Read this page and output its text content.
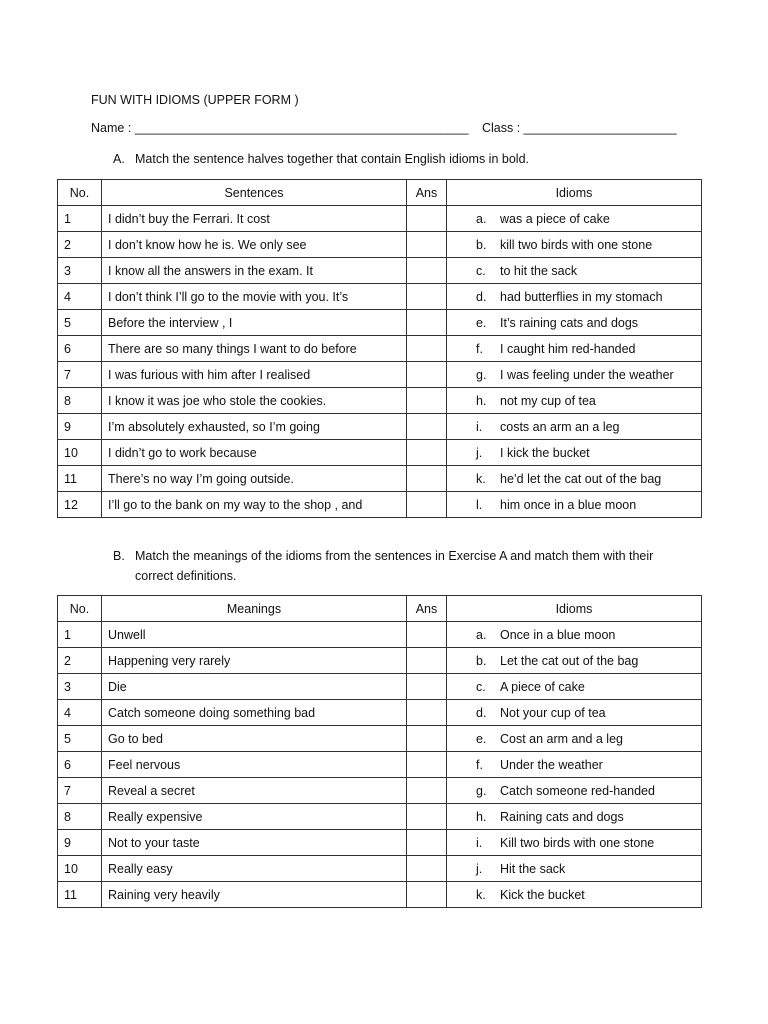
FUN WITH IDIOMS (UPPER FORM )
Name : ________________________________________________ Class : ______________________
A. Match the sentence halves together that contain English idioms in bold.
No.	Sentences	Ans	Idioms
1	I didn’t buy the Ferrari. It cost		a. was a piece of cake
2	I don’t know how he is. We only see		b. kill two birds with one stone
3	I know all the answers in the exam. It		c. to hit the sack
4	I don’t think I’ll go to the movie with you. It’s		d. had butterflies in my stomach
5	Before the interview , I		e. It’s raining cats and dogs
6	There are so many things I want to do before		f. I caught him red-handed
7	I was furious with him after I realised		g. I was feeling under the weather
8	I know it was joe who stole the cookies.		h. not my cup of tea
9	I’m absolutely exhausted, so I’m going		i. costs an arm an a leg
10	I didn’t go to work because		j. I kick the bucket
11	There’s no way I’m going outside.		k. he’d let the cat out of the bag
12	I’ll go to the bank on my way to the shop , and		l. him once in a blue moon
B. Match the meanings of the idioms from the sentences in Exercise A and match them with their
correct definitions.
No.	Meanings	Ans	Idioms
1	Unwell		a. Once in a blue moon
2	Happening very rarely		b. Let the cat out of the bag
3	Die		c. A piece of cake
4	Catch someone doing something bad		d. Not your cup of tea
5	Go to bed		e. Cost an arm and a leg
6	Feel nervous		f. Under the weather
7	Reveal a secret		g. Catch someone red-handed
8	Really expensive		h. Raining cats and dogs
9	Not to your taste		i. Kill two birds with one stone
10	Really easy		j. Hit the sack
11	Raining very heavily		k. Kick the bucket
